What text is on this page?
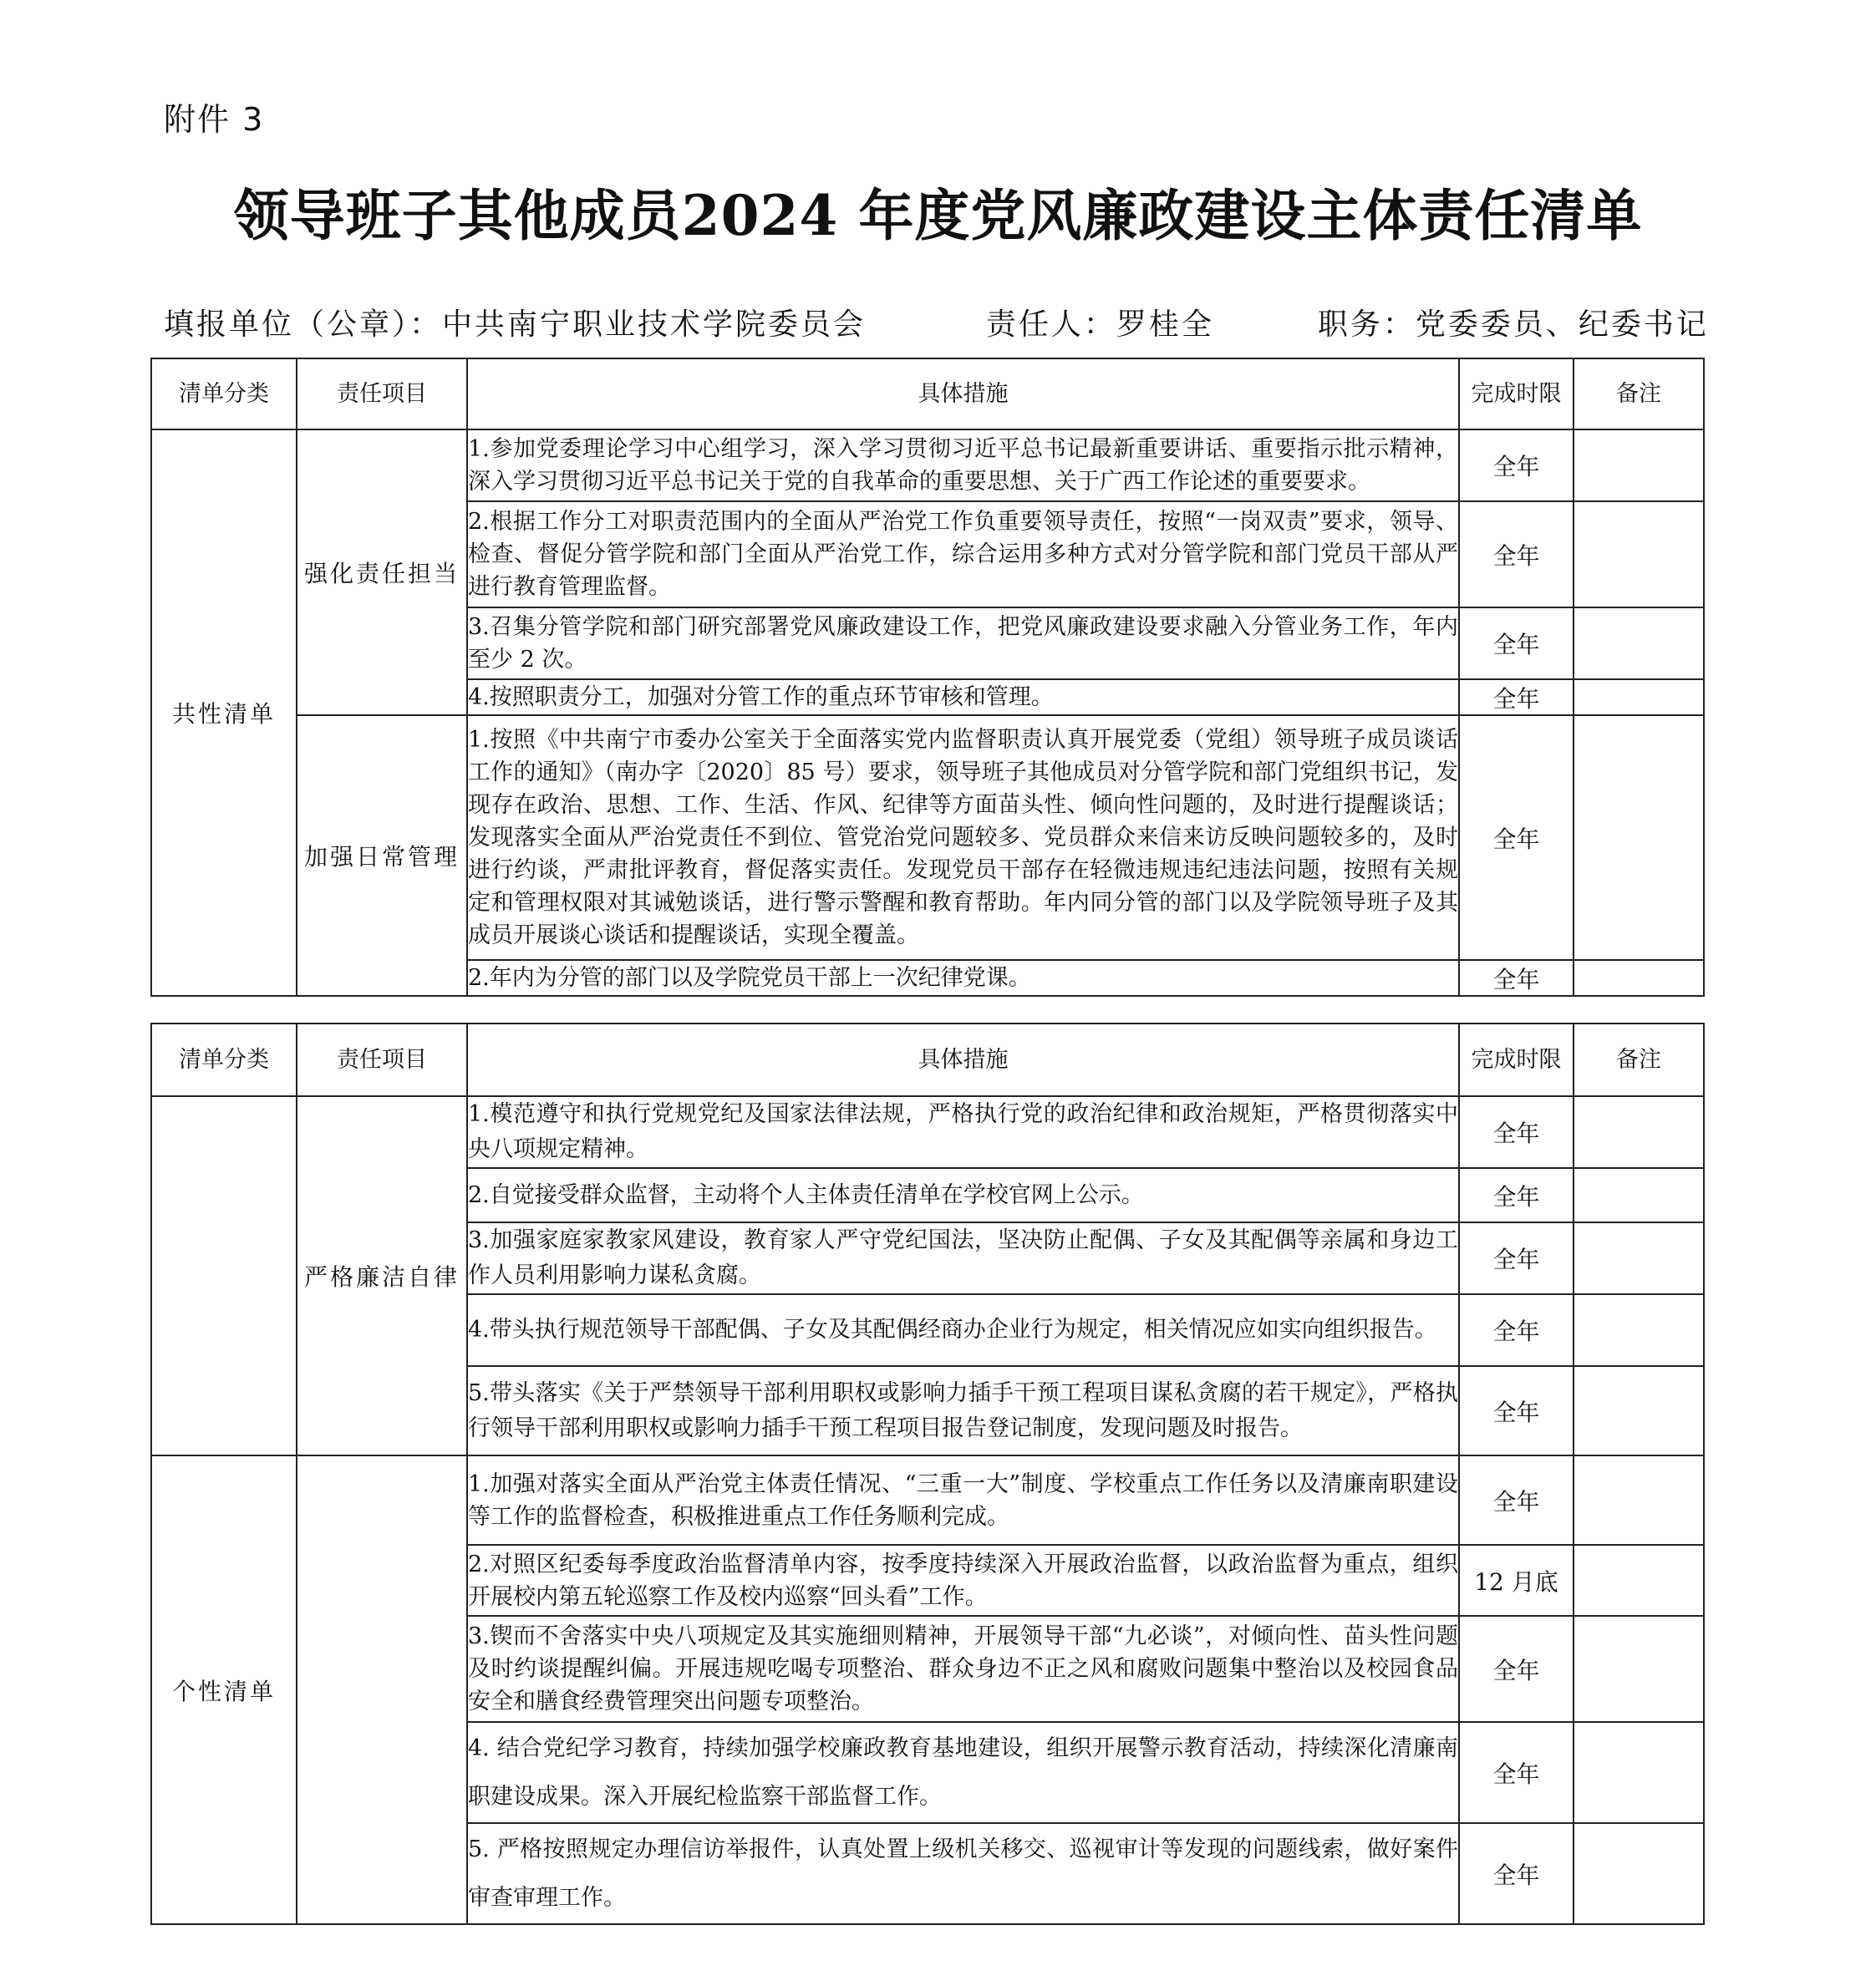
附件 3
领导班子其他成员2024 年度党风廉政建设主体责任清单
填报单位（公章）：中共南宁职业技术学院委员会	责任人：罗桂全	职务：党委委员、纪委书记
清单分类	责任项目	具体措施	完成时限	备注
共性清单	强化责任担当	1.参加党委理论学习中心组学习，深入学习贯彻习近平总书记最新重要讲话、重要指示批示精神，深入学习贯彻习近平总书记关于党的自我革命的重要思想、关于广西工作论述的重要要求。	全年	
		2.根据工作分工对职责范围内的全面从严治党工作负重要领导责任，按照“一岗双责”要求，领导、检查、督促分管学院和部门全面从严治党工作，综合运用多种方式对分管学院和部门党员干部从严进行教育管理监督。	全年	
		3.召集分管学院和部门研究部署党风廉政建设工作，把党风廉政建设要求融入分管业务工作，年内至少 2 次。	全年	
		4.按照职责分工，加强对分管工作的重点环节审核和管理。	全年	
	加强日常管理	1.按照《中共南宁市委办公室关于全面落实党内监督职责认真开展党委（党组）领导班子成员谈话工作的通知》（南办字〔2020〕85 号）要求，领导班子其他成员对分管学院和部门党组织书记，发现存在政治、思想、工作、生活、作风、纪律等方面苗头性、倾向性问题的，及时进行提醒谈话；发现落实全面从严治党责任不到位、管党治党问题较多、党员群众来信来访反映问题较多的，及时进行约谈，严肃批评教育，督促落实责任。发现党员干部存在轻微违规违纪违法问题，按照有关规定和管理权限对其诫勉谈话，进行警示警醒和教育帮助。年内同分管的部门以及学院领导班子及其成员开展谈心谈话和提醒谈话，实现全覆盖。	全年	
		2.年内为分管的部门以及学院党员干部上一次纪律党课。	全年	
清单分类	责任项目	具体措施	完成时限	备注
	严格廉洁自律	1.模范遵守和执行党规党纪及国家法律法规，严格执行党的政治纪律和政治规矩，严格贯彻落实中央八项规定精神。	全年	
		2.自觉接受群众监督，主动将个人主体责任清单在学校官网上公示。	全年	
		3.加强家庭家教家风建设，教育家人严守党纪国法，坚决防止配偶、子女及其配偶等亲属和身边工作人员利用影响力谋私贪腐。	全年	
		4.带头执行规范领导干部配偶、子女及其配偶经商办企业行为规定，相关情况应如实向组织报告。	全年	
		5.带头落实《关于严禁领导干部利用职权或影响力插手干预工程项目谋私贪腐的若干规定》，严格执行领导干部利用职权或影响力插手干预工程项目报告登记制度，发现问题及时报告。	全年	
个性清单		1.加强对落实全面从严治党主体责任情况、“三重一大”制度、学校重点工作任务以及清廉南职建设等工作的监督检查，积极推进重点工作任务顺利完成。	全年	
		2.对照区纪委每季度政治监督清单内容，按季度持续深入开展政治监督，以政治监督为重点，组织开展校内第五轮巡察工作及校内巡察“回头看”工作。	12 月底	
		3.锲而不舍落实中央八项规定及其实施细则精神，开展领导干部“九必谈”，对倾向性、苗头性问题及时约谈提醒纠偏。开展违规吃喝专项整治、群众身边不正之风和腐败问题集中整治以及校园食品安全和膳食经费管理突出问题专项整治。	全年	
		4. 结合党纪学习教育，持续加强学校廉政教育基地建设，组织开展警示教育活动，持续深化清廉南职建设成果。深入开展纪检监察干部监督工作。	全年	
		5. 严格按照规定办理信访举报件，认真处置上级机关移交、巡视审计等发现的问题线索，做好案件审查审理工作。	全年	
